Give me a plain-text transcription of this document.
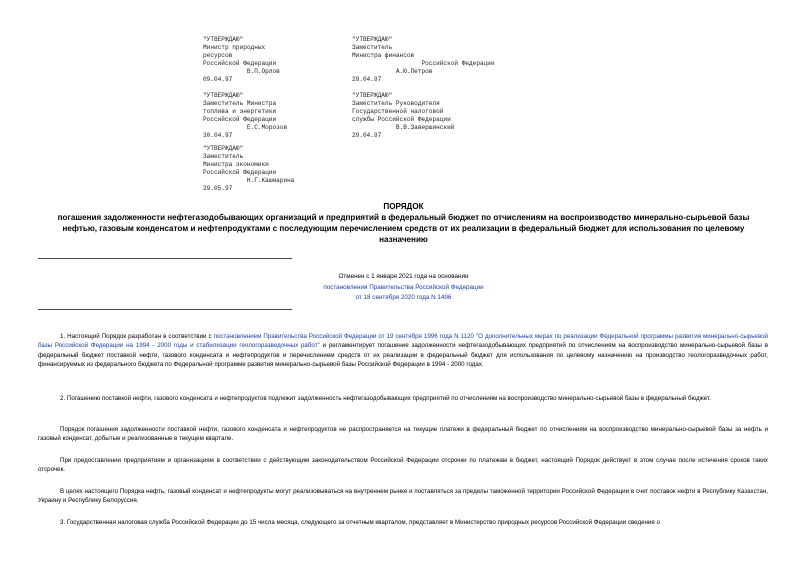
"УТВЕРЖДАЮ"
Министр природных
ресурсов
Российской Федерации
В.П.Орлов
09.04.97
"УТВЕРЖДАЮ"
Заместитель
Министра финансов
Российской Федерации
А.Ю.Петров
28.04.97
"УТВЕРЖДАЮ"
Заместитель Министра
топлива и энергетики
Российской Федерации
Е.С.Морозов
30.04.97
"УТВЕРЖДАЮ"
Заместитель Руководителя
Государственной налоговой
службы Российской Федерации
В.В.Завершинский
29.04.97
"УТВЕРЖДАЮ"
Заместитель
Министра экономики
Российской Федерации
Н.Г.Кашмарина
29.05.97
ПОРЯДОК
погашения задолженности нефтегазодобывающих организаций и предприятий в федеральный бюджет по отчислениям на воспроизводство минерально-сырьевой базы нефтью, газовым конденсатом и нефтепродуктами с последующим перечислением средств от их реализации в федеральный бюджет для использования по целевому назначению
Отменен с 1 января 2021 года на основании
постановления Правительства Российской Федерации
от 18 сентября 2020 года N 1496

1. Настоящий Порядок разработан в соответствии с постановлением Правительства Российской Федерации от 19 сентября 1996 года N 1120 "О дополнительных мерах по реализации Федеральной программы развития минерально-сырьевой базы Российской Федерации на 1994 - 2000 годы и стабилизации геологоразведочных работ" и регламентирует погашение задолженности нефтегазодобывающих предприятий по отчислениям на воспроизводство минерально-сырьевой базы в федеральный бюджет поставкой нефти, газового конденсата и нефтепродуктов и перечислением средств от их реализации в федеральный бюджет для использования по целевому назначению на производство геологоразведочных работ, финансируемых из федерального бюджета по Федеральной программе развития минерально-сырьевой базы Российской Федерации в 1994 - 2000 годах.

2. Погашению поставкой нефти, газового конденсата и нефтепродуктов подлежит задолженность нефтегазодобывающих предприятий по отчислениям на воспроизводство минерально-сырьевой базы в федеральный бюджет.

Порядок погашения задолженности поставкой нефти, газового конденсата и нефтепродуктов не распространяется на текущие платежи в федеральный бюджет по отчислениям на воспроизводство минерально-сырьевой базы за нефть и газовый конденсат, добытые и реализованные в текущем квартале.

При предоставлении предприятиям и организациям в соответствии с действующим законодательством Российской Федерации отсрочки по платежам в бюджет, настоящий Порядок действует в этом случае после истечения сроков таких отсрочек.

В целях настоящего Порядка нефть, газовый конденсат и нефтепродукты могут реализовываться на внутреннем рынке и поставляться за пределы таможенной территории Российской Федерации в счет поставок нефти в Республику Казахстан, Украину и Республику Белоруссия.

3. Государственная налоговая служба Российской Федерации до 15 числа месяца, следующего за отчетным кварталом, представляет в Министерство природных ресурсов Российской Федерации сведения о
